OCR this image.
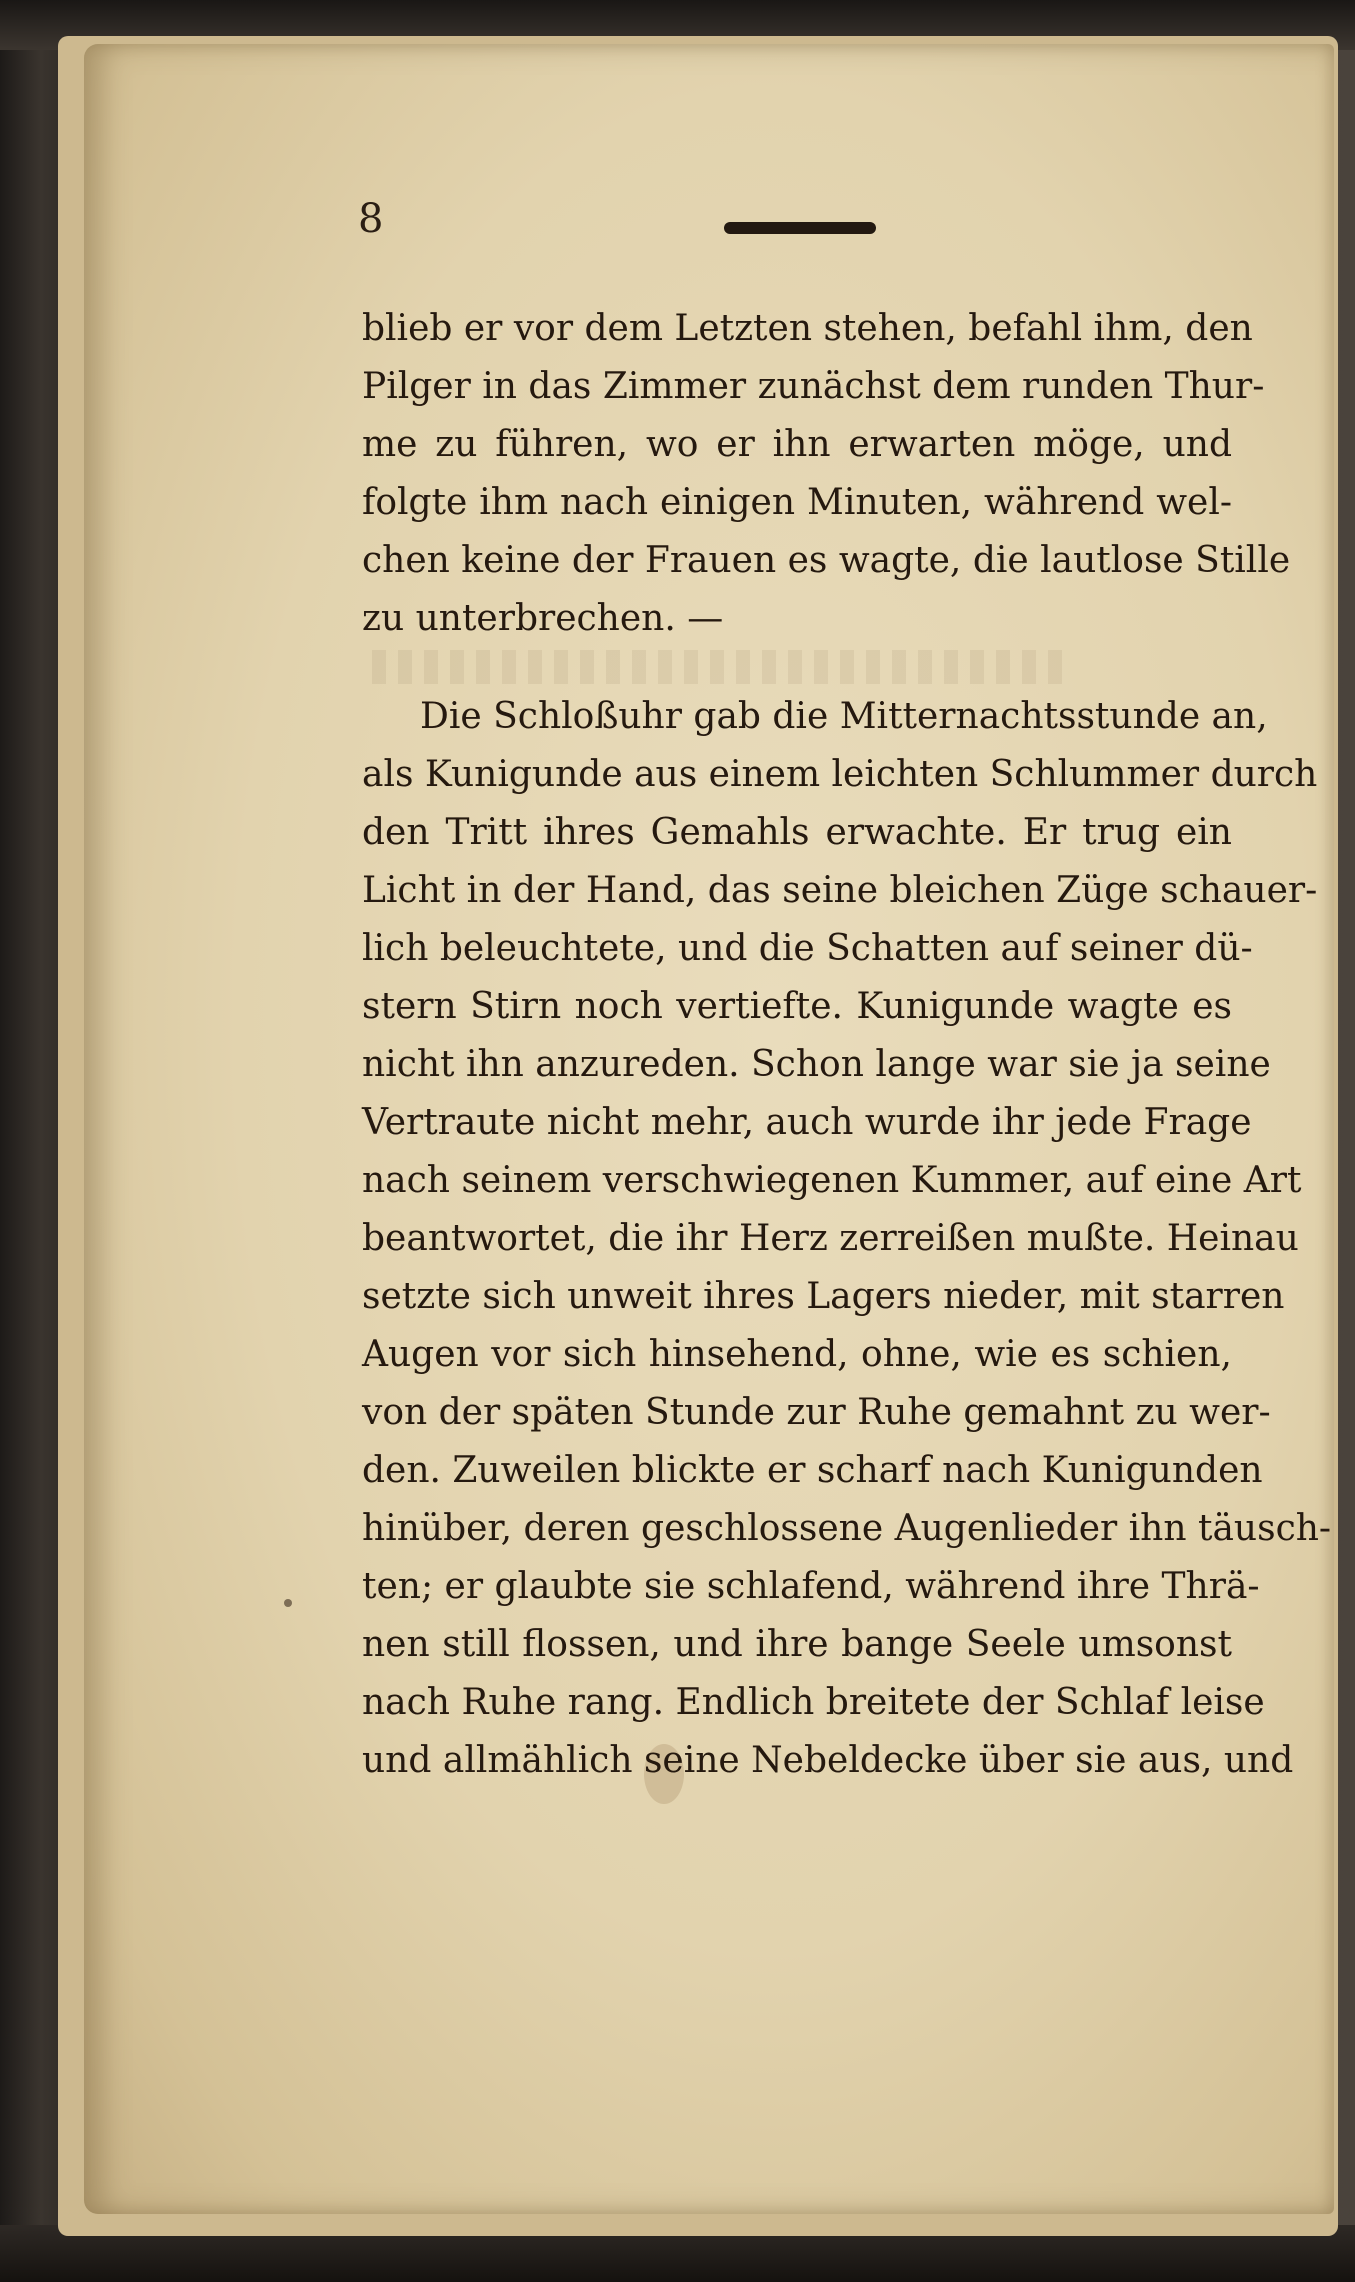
8
blieb er vor dem Letzten stehen, befahl ihm, den
Pilger in das Zimmer zunächst dem runden Thur-
me zu führen, wo er ihn erwarten möge, und
folgte ihm nach einigen Minuten, während wel-
chen keine der Frauen es wagte, die lautlose Stille
zu unterbrechen. —
Die Schloßuhr gab die Mitternachtsstunde an,
als Kunigunde aus einem leichten Schlummer durch
den Tritt ihres Gemahls erwachte. Er trug ein
Licht in der Hand, das seine bleichen Züge schauer-
lich beleuchtete, und die Schatten auf seiner dü-
stern Stirn noch vertiefte. Kunigunde wagte es
nicht ihn anzureden. Schon lange war sie ja seine
Vertraute nicht mehr, auch wurde ihr jede Frage
nach seinem verschwiegenen Kummer, auf eine Art
beantwortet, die ihr Herz zerreißen mußte. Heinau
setzte sich unweit ihres Lagers nieder, mit starren
Augen vor sich hinsehend, ohne, wie es schien,
von der späten Stunde zur Ruhe gemahnt zu wer-
den. Zuweilen blickte er scharf nach Kunigunden
hinüber, deren geschlossene Augenlieder ihn täusch-
ten; er glaubte sie schlafend, während ihre Thrä-
nen still flossen, und ihre bange Seele umsonst
nach Ruhe rang. Endlich breitete der Schlaf leise
und allmählich seine Nebeldecke über sie aus, und
